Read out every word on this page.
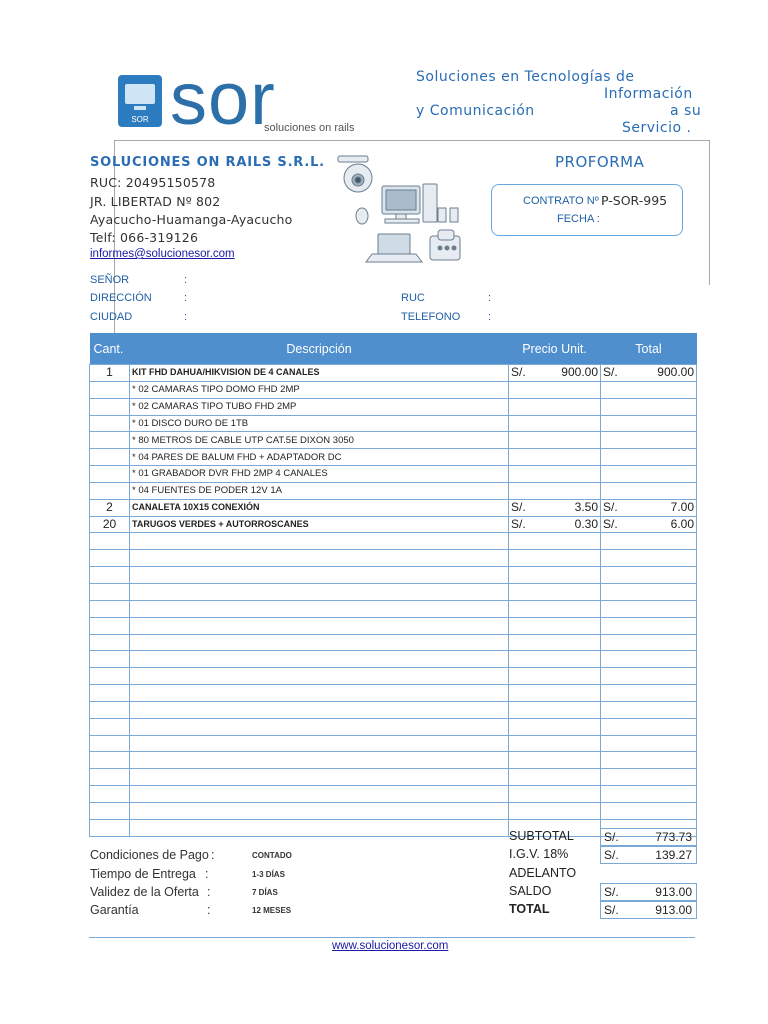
SOR sor
soluciones on rails
Soluciones en Tecnologías de
Información
y Comunicación	a su
Servicio .
SOLUCIONES ON RAILS S.R.L.
RUC: 20495150578
JR. LIBERTAD Nº 802
Ayacucho-Huamanga-Ayacucho
Telf: 066-319126
informes@solucionesor.com
PROFORMA
CONTRATO Nº :
P-SOR-995
FECHA :
SEÑOR	:
DIRECCIÓN	:
CIUDAD	:
RUC	:
TELEFONO	:
Cant.	Descripción	Precio Unit.	Total
1	KIT FHD DAHUA/HIKVISION DE 4 CANALES	S/. 900.00	S/. 900.00

	* 02 CAMARAS TIPO DOMO FHD 2MP		
	* 02 CAMARAS TIPO TUBO FHD 2MP		
	* 01 DISCO DURO DE 1TB		
	* 80 METROS DE CABLE UTP CAT.5E DIXON 3050		
	* 04 PARES DE BALUM FHD + ADAPTADOR DC		
	* 01 GRABADOR DVR FHD 2MP 4 CANALES		
	* 04 FUENTES DE PODER 12V 1A		
2	CANALETA 10X15 CONEXIÓN	S/. 3.50	S/. 7.00

20	TARUGOS VERDES + AUTORROSCANES	S/. 0.30	S/. 6.00

Condiciones de Pago :	CONTADO
Tiempo de Entrega :	1-3 DÍAS
Validez de la Oferta :	7 DÍAS
Garantía	:	12 MESES
SUBTOTAL	S/.	773.73
I.G.V. 18%	S/.	139.27
ADELANTO
SALDO	S/.	913.00
TOTAL	S/.	913.00
www.solucionesor.com
